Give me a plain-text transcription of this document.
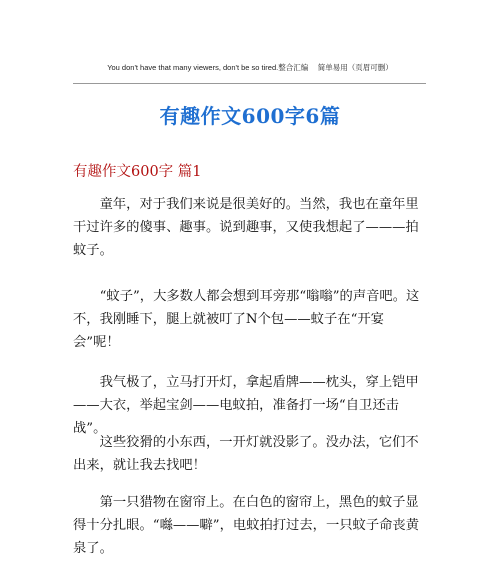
You don't have that many viewers, don't be so tired.整合汇编　 简单易用（页眉可删）
有趣作文600字6篇
有趣作文600字 篇1

童年，对于我们来说是很美好的。当然，我也在童年里干过许多的傻事、趣事。说到趣事，又使我想起了———拍蚊子。

“蚊子”，大多数人都会想到耳旁那“嗡嗡”的声音吧。这不，我刚睡下，腿上就被叮了N个包——蚊子在“开宴会”呢！

我气极了，立马打开灯，拿起盾牌——枕头，穿上铠甲——大衣，举起宝剑——电蚊拍，准备打一场“自卫还击战”。

这些狡猾的小东西，一开灯就没影了。没办法，它们不出来，就让我去找吧！

第一只猎物在窗帘上。在白色的窗帘上，黑色的蚊子显得十分扎眼。“噝——噼”，电蚊拍打过去，一只蚊子命丧黄泉了。
